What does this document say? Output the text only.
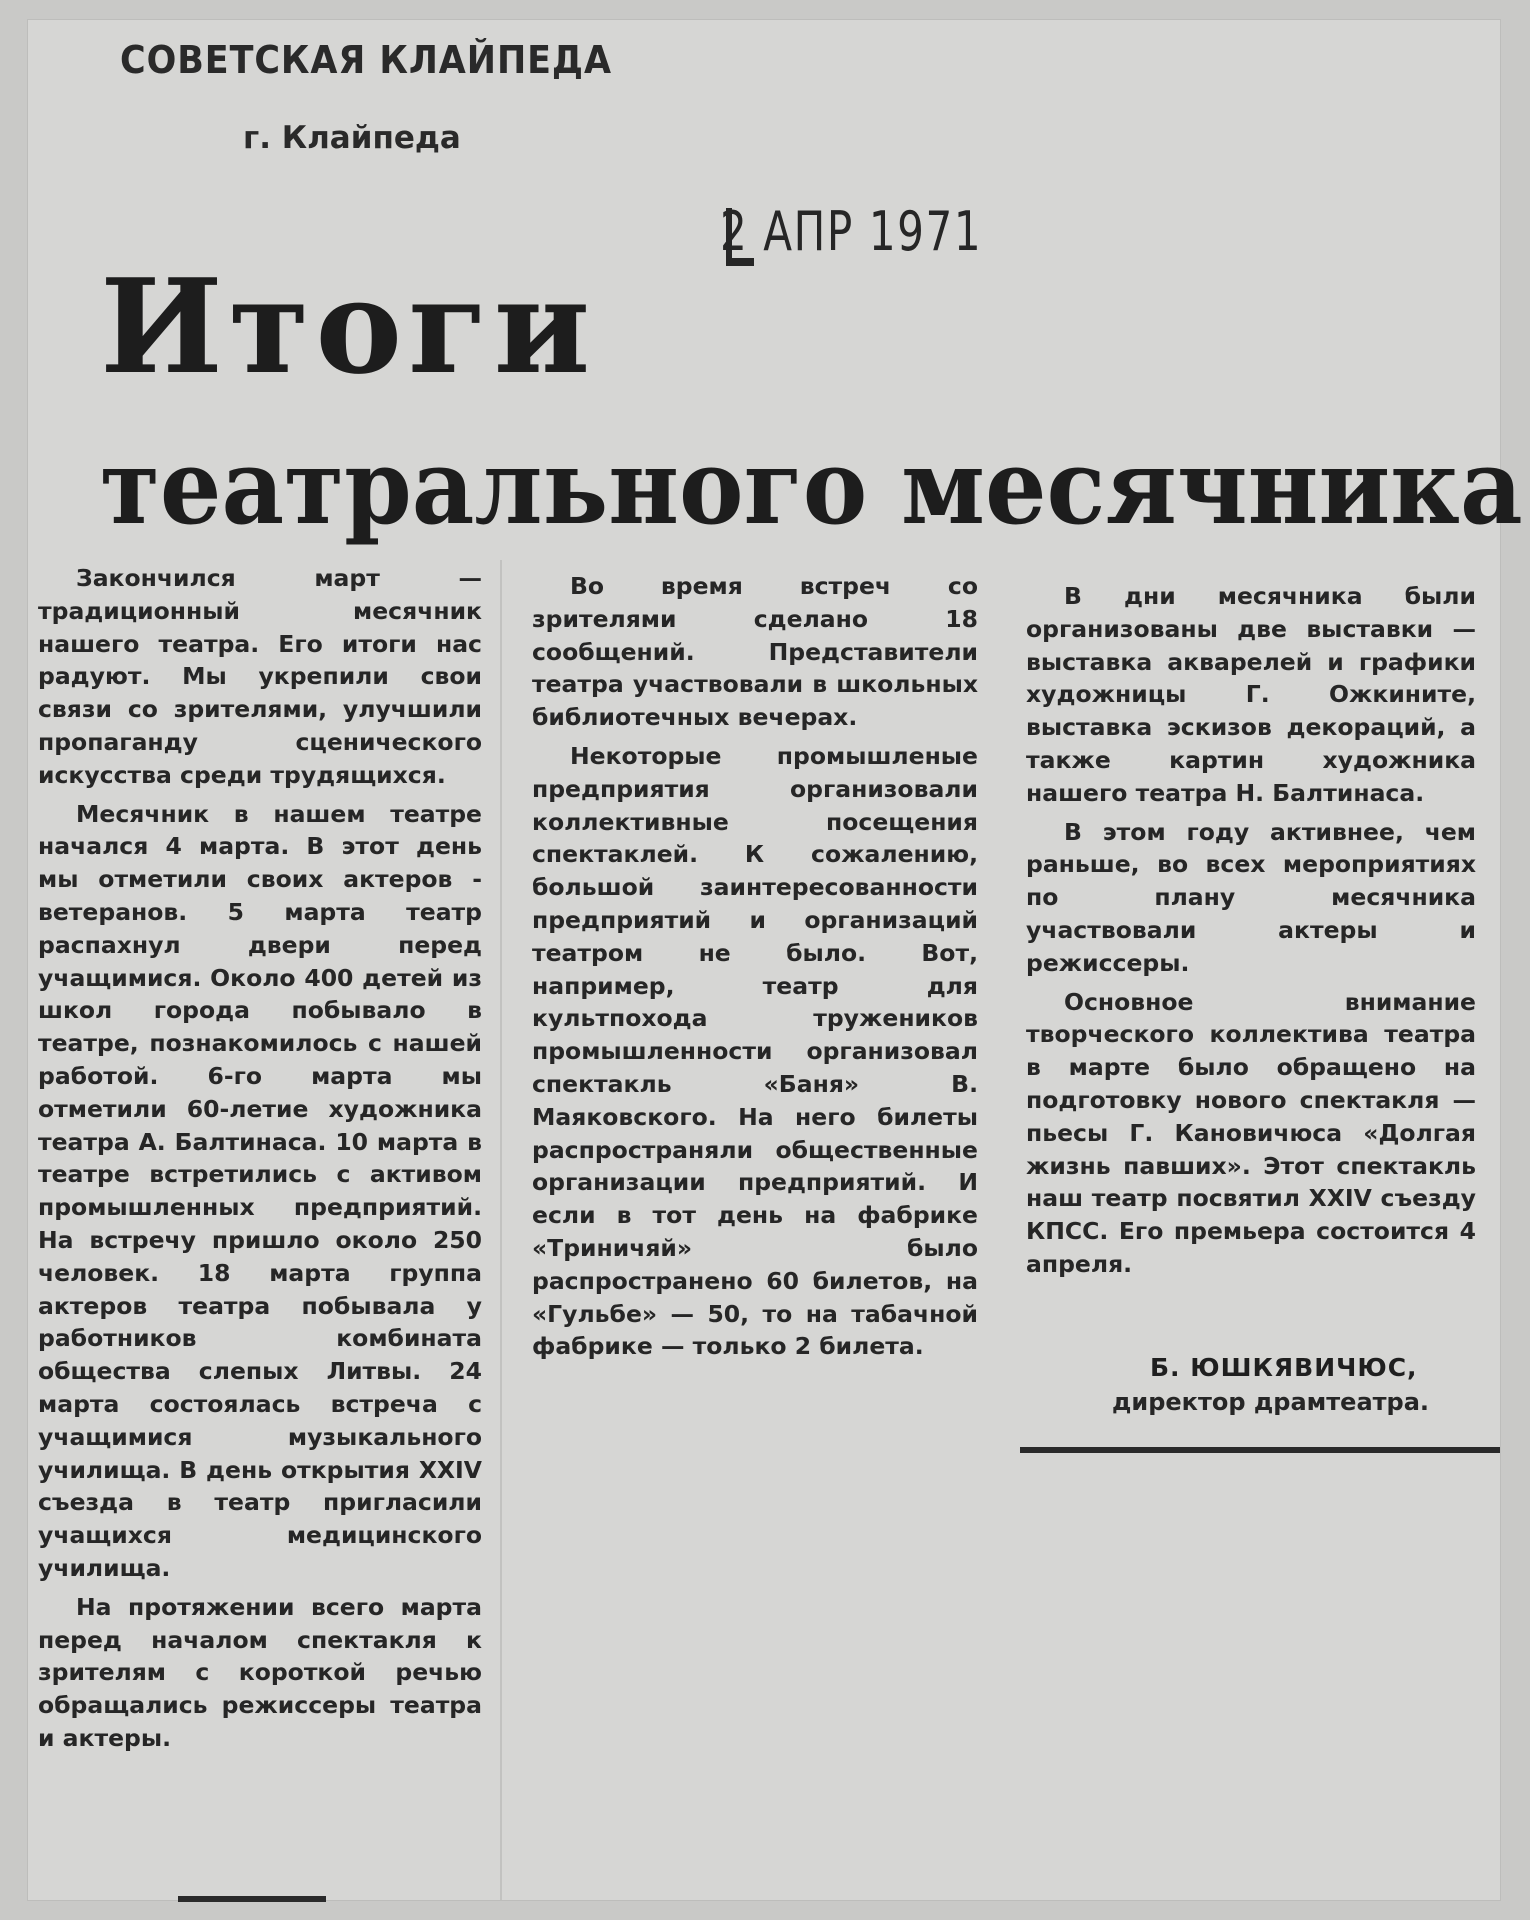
СОВЕТСКАЯ КЛАЙПЕДА
г. Клайпеда
2 АПР 1971
Итоги
театрального месячника

Закончился март — традиционный месячник нашего театра. Его итоги нас радуют. Мы укрепили свои связи со зрителями, улучшили пропаганду сценического искусства среди трудящихся.

Месячник в нашем театре начался 4 марта. В этот день мы отметили своих актеров - ветеранов. 5 марта театр распахнул двери перед учащимися. Около 400 детей из школ города побывало в театре, познакомилось с нашей работой. 6-го марта мы отметили 60-летие художника театра А. Балтинаса. 10 марта в театре встретились с активом промышленных предприятий. На встречу пришло около 250 человек. 18 марта группа актеров театра побывала у работников комбината общества слепых Литвы. 24 марта состоялась встреча с учащимися музыкального училища. В день открытия XXIV съезда в театр пригласили учащихся медицинского училища.

На протяжении всего марта перед началом спектакля к зрителям с короткой речью обращались режиссеры театра и актеры.

Во время встреч со зрителями сделано 18 сообщений. Представители театра участвовали в школьных библиотечных вечерах.

Некоторые промышленые предприятия организовали коллективные посещения спектаклей. К сожалению, большой заинтересованности предприятий и организаций театром не было. Вот, например, театр для культпохода тружеников промышленности организовал спектакль «Баня» В. Маяковского. На него билеты распространяли общественные организации предприятий. И если в тот день на фабрике «Триничяй» было распространено 60 билетов, на «Гульбе» — 50, то на табачной фабрике — только 2 билета.

В дни месячника были организованы две выставки — выставка акварелей и графики художницы Г. Ожкините, выставка эскизов декораций, а также картин художника нашего театра Н. Балтинаса.

В этом году активнее, чем раньше, во всех мероприятиях по плану месячника участвовали актеры и режиссеры.

Основное внимание творческого коллектива театра в марте было обращено на подготовку нового спектакля — пьесы Г. Кановичюса «Долгая жизнь павших». Этот спектакль наш театр посвятил XXIV съезду КПСС. Его премьера состоится 4 апреля.

Б. ЮШКЯВИЧЮС,
директор драмтеатра.
